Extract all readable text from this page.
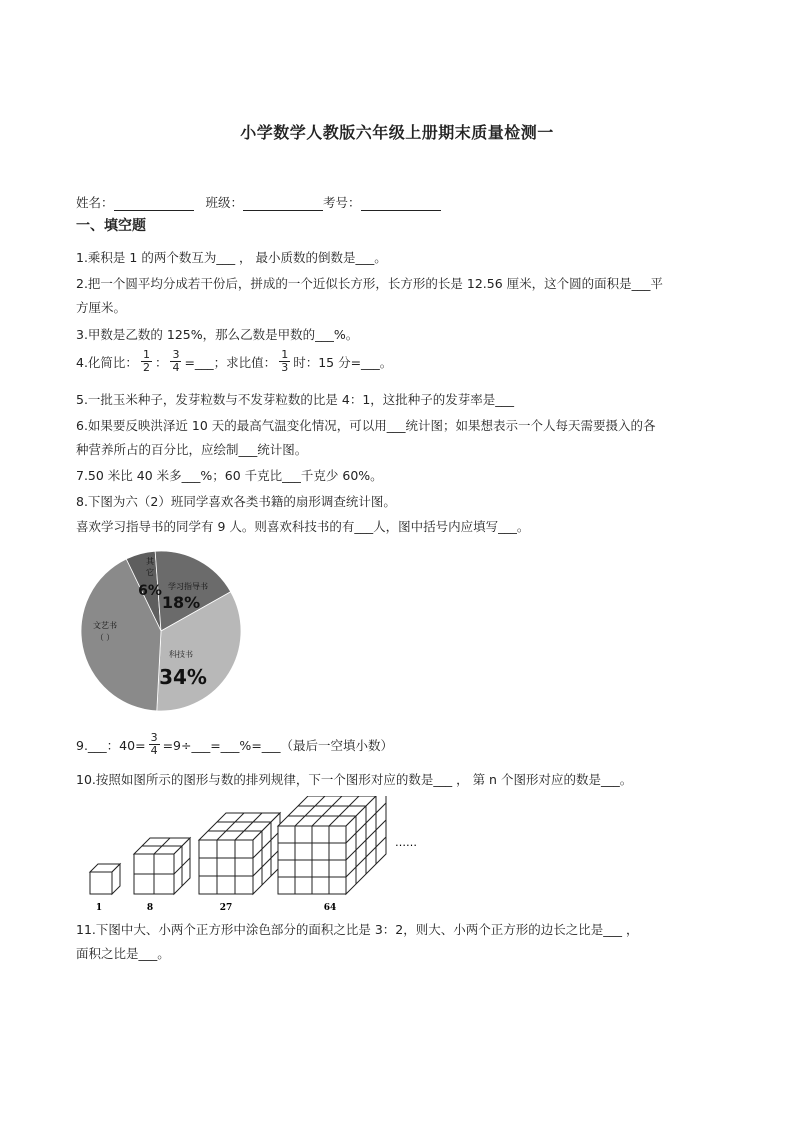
小学数学人教版六年级上册期末质量检测一
姓名：	班级：	考号：
一、填空题
1.乘积是 1 的两个数互为___ ， 最小质数的倒数是___。
2.把一个圆平均分成若干份后，拼成的一个近似长方形，长方形的长是 12.56 厘米，这个圆的面积是___平
方厘米。
3.甲数是乙数的 125%，那么乙数是甲数的___%。
4.化简比： $\frac{1}{2}$ ： $\frac{3}{4}$ =___；求比值： $\frac{1}{3}$ 时：15 分=___。
5.一批玉米种子，发芽粒数与不发芽粒数的比是 4：1，这批种子的发芽率是___
6.如果要反映洪泽近 10 天的最高气温变化情况，可以用___统计图；如果想表示一个人每天需要摄入的各
种营养所占的百分比，应绘制___统计图。
7.50 米比 40 米多___%；60 千克比___千克少 60%。
8.下图为六（2）班同学喜欢各类书籍的扇形调查统计图。
喜欢学习指导书的同学有 9 人。则喜欢科技书的有___人，图中括号内应填写___。
其
它
6% 学习指导书
18%
科技书
34%
文艺书
（ ）
9.___：$40= \frac{3}{4}$ =9÷___=___%=___（最后一空填小数）
10.按照如图所示的图形与数的排列规律，下一个图形对应的数是___ ， 第 n 个图形对应的数是___。
1	8	27	64
……
11.下图中大、小两个正方形中涂色部分的面积之比是 3：2，则大、小两个正方形的边长之比是___ ，
面积之比是___。
